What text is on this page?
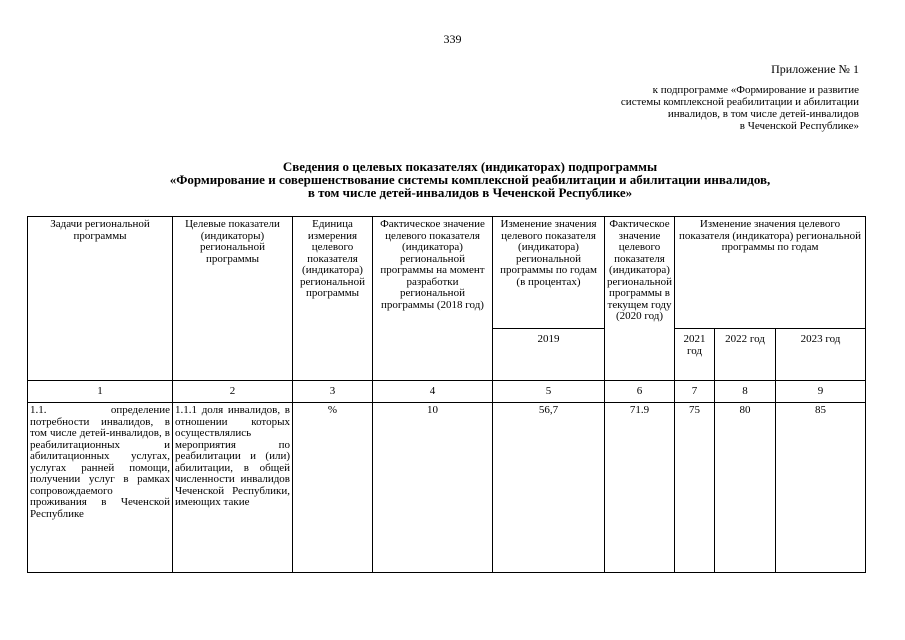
339
Приложение № 1
к подпрограмме «Формирование и развитие
системы комплексной реабилитации и абилитации
инвалидов, в том числе детей-инвалидов
в Чеченской Республике»
Сведения о целевых показателях (индикаторах) подпрограммы
«Формирование и совершенствование системы комплексной реабилитации и абилитации инвалидов,
в том числе детей-инвалидов в Чеченской Республике»
Задачи региональной программы	Целевые показатели (индикаторы) региональной программы	Единица измерения целевого показателя (индикатора) региональной программы	Фактическое значение целевого показателя (индикатора) региональной программы на момент разработки региональной программы (2018 год)	Изменение значения целевого показателя (индикатора) региональной программы по годам (в процентах)	Фактическое значение целевого показателя (индикатора) региональной программы в текущем году (2020 год)	Изменение значения целевого показателя (индикатора) региональной программы по годам		
				2019		2021 год	2022 год	2023 год
1	2	3	4	5	6	7	8	9
1.1. определение потребности инвалидов, в том числе детей-инвалидов, в реабилитационных и абилитационных услугах, услугах ранней помощи, получении услуг в рамках сопровождаемого проживания в Чеченской Республике	1.1.1 доля инвалидов, в отношении которых осуществлялись мероприятия по реабилитации и (или) абилитации, в общей численности инвалидов Чеченской Республики, имеющих такие	%	10	56,7	71.9	75	80	85
